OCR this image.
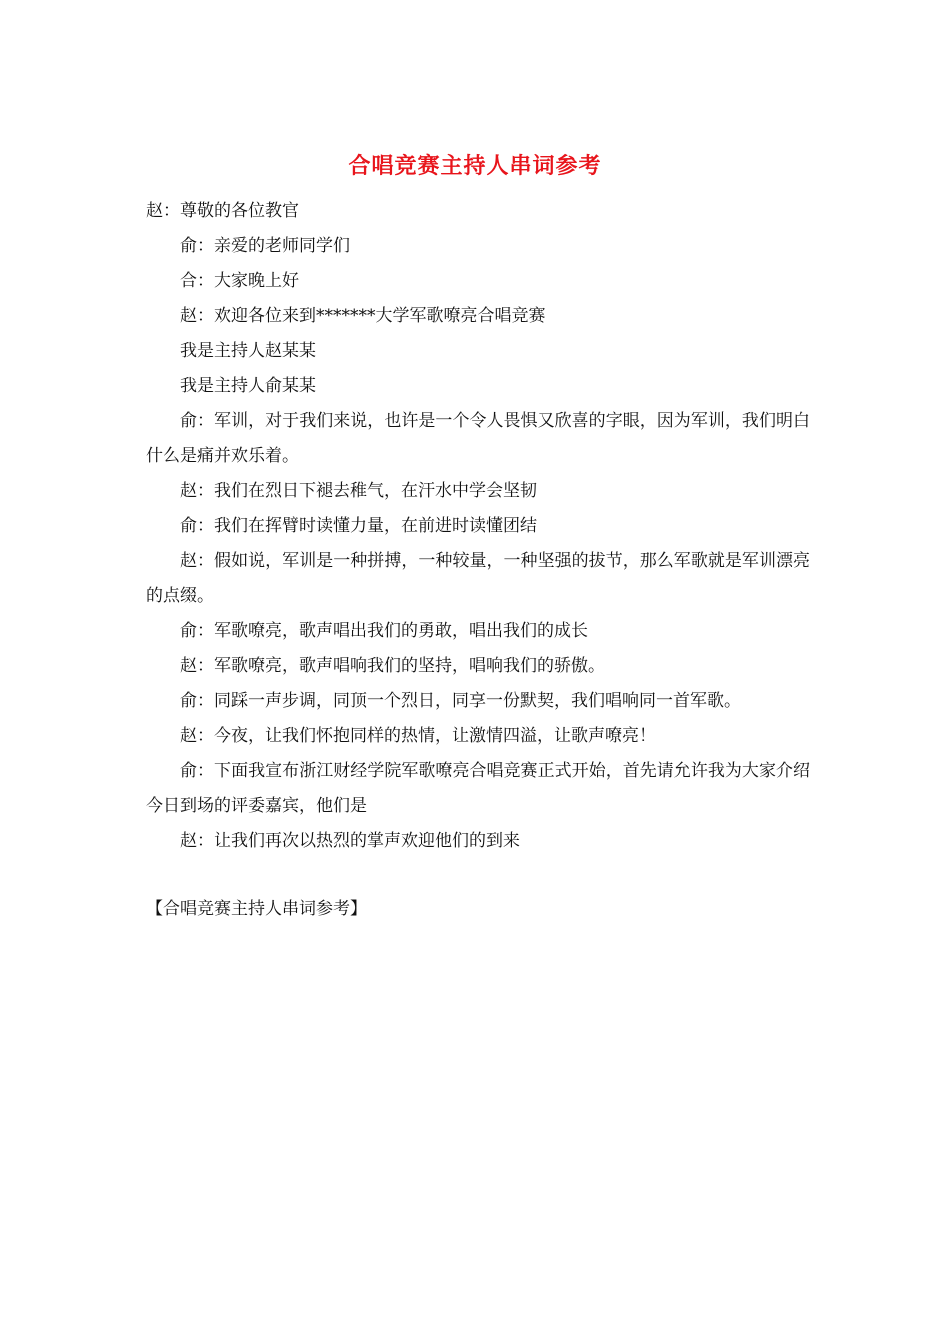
合唱竞赛主持人串词参考

赵：尊敬的各位教官

俞：亲爱的老师同学们

合：大家晚上好

赵：欢迎各位来到*******大学军歌嘹亮合唱竞赛

我是主持人赵某某

我是主持人俞某某

俞：军训，对于我们来说，也许是一个令人畏惧又欣喜的字眼，因为军训，我们明白什么是痛并欢乐着。

赵：我们在烈日下褪去稚气，在汗水中学会坚韧

俞：我们在挥臂时读懂力量，在前进时读懂团结

赵：假如说，军训是一种拼搏，一种较量，一种坚强的拔节，那么军歌就是军训漂亮的点缀。

俞：军歌嘹亮，歌声唱出我们的勇敢，唱出我们的成长

赵：军歌嘹亮，歌声唱响我们的坚持，唱响我们的骄傲。

俞：同踩一声步调，同顶一个烈日，同享一份默契，我们唱响同一首军歌。

赵：今夜，让我们怀抱同样的热情，让激情四溢，让歌声嘹亮！

俞：下面我宣布浙江财经学院军歌嘹亮合唱竞赛正式开始，首先请允许我为大家介绍今日到场的评委嘉宾，他们是

赵：让我们再次以热烈的掌声欢迎他们的到来

【合唱竞赛主持人串词参考】
